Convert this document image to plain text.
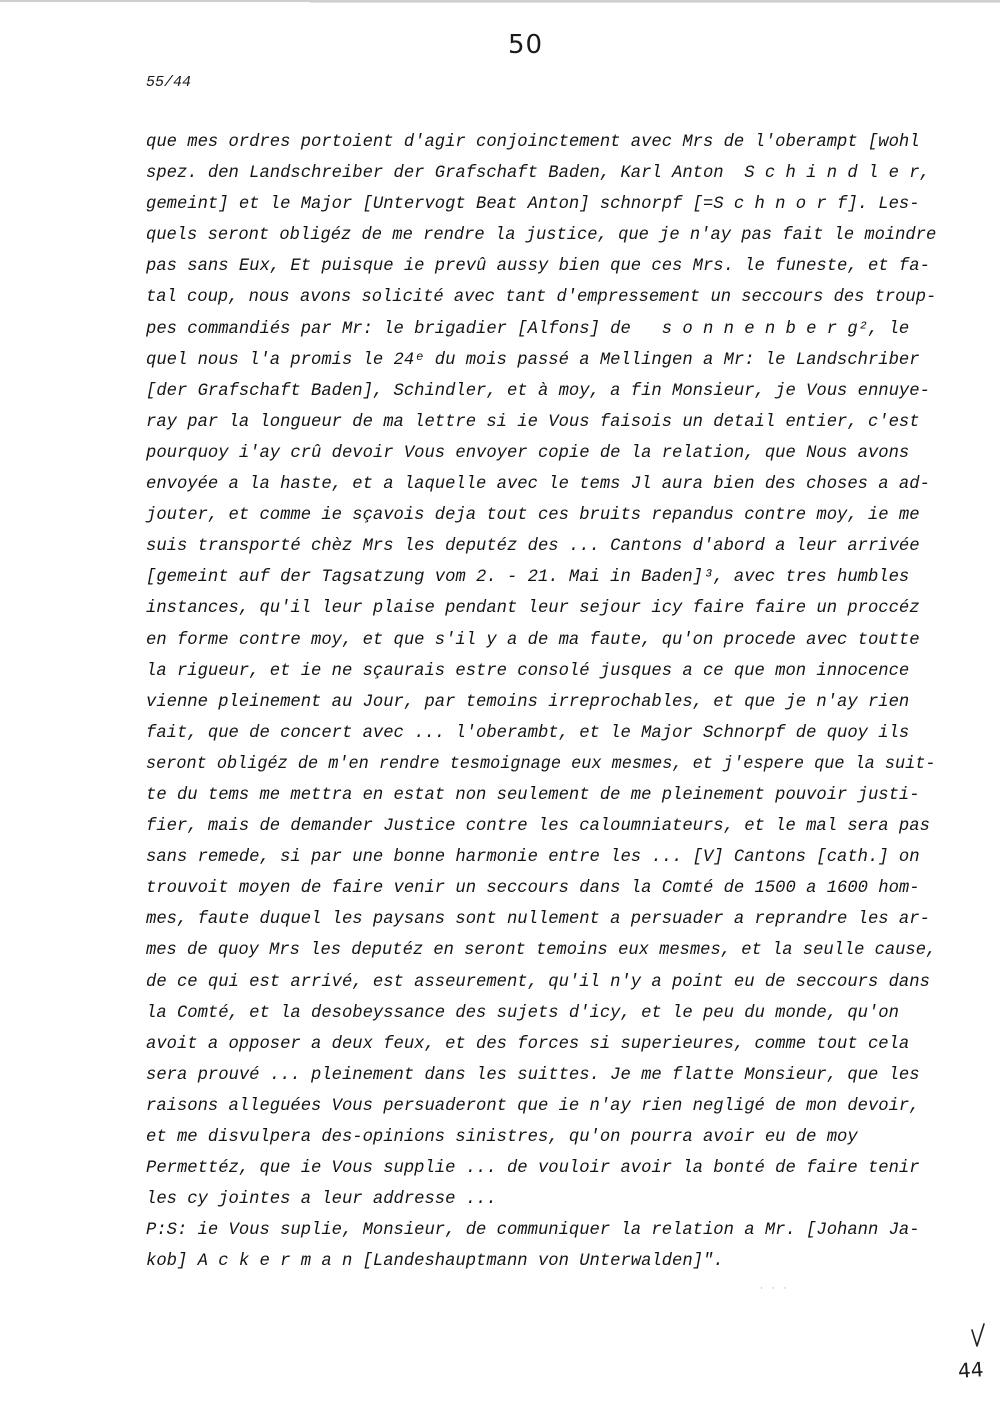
50
55/44
que mes ordres portoient d'agir conjoinctement avec Mrs de l'oberampt [wohl
spez. den Landschreiber der Grafschaft Baden, Karl Anton  S c h i n d l e r,
gemeint] et le Major [Untervogt Beat Anton] schnorpf [=S c h n o r f]. Les-
quels seront obligéz de me rendre la justice, que je n'ay pas fait le moindre
pas sans Eux, Et puisque ie prevû aussy bien que ces Mrs. le funeste, et fa-
tal coup, nous avons solicité avec tant d'empressement un seccours des troup-
pes commandiés par Mr: le brigadier [Alfons] de   s o n n e n b e r g², le
quel nous l'a promis le 24ᵉ du mois passé a Mellingen a Mr: le Landschriber
[der Grafschaft Baden], Schindler, et à moy, a fin Monsieur, je Vous ennuye-
ray par la longueur de ma lettre si ie Vous faisois un detail entier, c'est
pourquoy i'ay crû devoir Vous envoyer copie de la relation, que Nous avons
envoyée a la haste, et a laquelle avec le tems Jl aura bien des choses a ad-
jouter, et comme ie sçavois deja tout ces bruits repandus contre moy, ie me
suis transporté chèz Mrs les deputéz des ... Cantons d'abord a leur arrivée
[gemeint auf der Tagsatzung vom 2. - 21. Mai in Baden]³, avec tres humbles
instances, qu'il leur plaise pendant leur sejour icy faire faire un proccéz
en forme contre moy, et que s'il y a de ma faute, qu'on procede avec toutte
la rigueur, et ie ne sçaurais estre consolé jusques a ce que mon innocence
vienne pleinement au Jour, par temoins irreprochables, et que je n'ay rien
fait, que de concert avec ... l'oberambt, et le Major Schnorpf de quoy ils
seront obligéz de m'en rendre tesmoignage eux mesmes, et j'espere que la suit-
te du tems me mettra en estat non seulement de me pleinement pouvoir justi-
fier, mais de demander Justice contre les caloumniateurs, et le mal sera pas
sans remede, si par une bonne harmonie entre les ... [V] Cantons [cath.] on
trouvoit moyen de faire venir un seccours dans la Comté de 1500 a 1600 hom-
mes, faute duquel les paysans sont nullement a persuader a reprandre les ar-
mes de quoy Mrs les deputéz en seront temoins eux mesmes, et la seulle cause,
de ce qui est arrivé, est asseurement, qu'il n'y a point eu de seccours dans
la Comté, et la desobeyssance des sujets d'icy, et le peu du monde, qu'on
avoit a opposer a deux feux, et des forces si superieures, comme tout cela
sera prouvé ... pleinement dans les suittes. Je me flatte Monsieur, que les
raisons alleguées Vous persuaderont que ie n'ay rien negligé de mon devoir,
et me disvulpera des-opinions sinistres, qu'on pourra avoir eu de moy
Permettéz, que ie Vous supplie ... de vouloir avoir la bonté de faire tenir
les cy jointes a leur addresse ...
P:S: ie Vous suplie, Monsieur, de communiquer la relation a Mr. [Johann Ja-
kob] A c k e r m a n [Landeshauptmann von Unterwalden]".
44
· · ·
